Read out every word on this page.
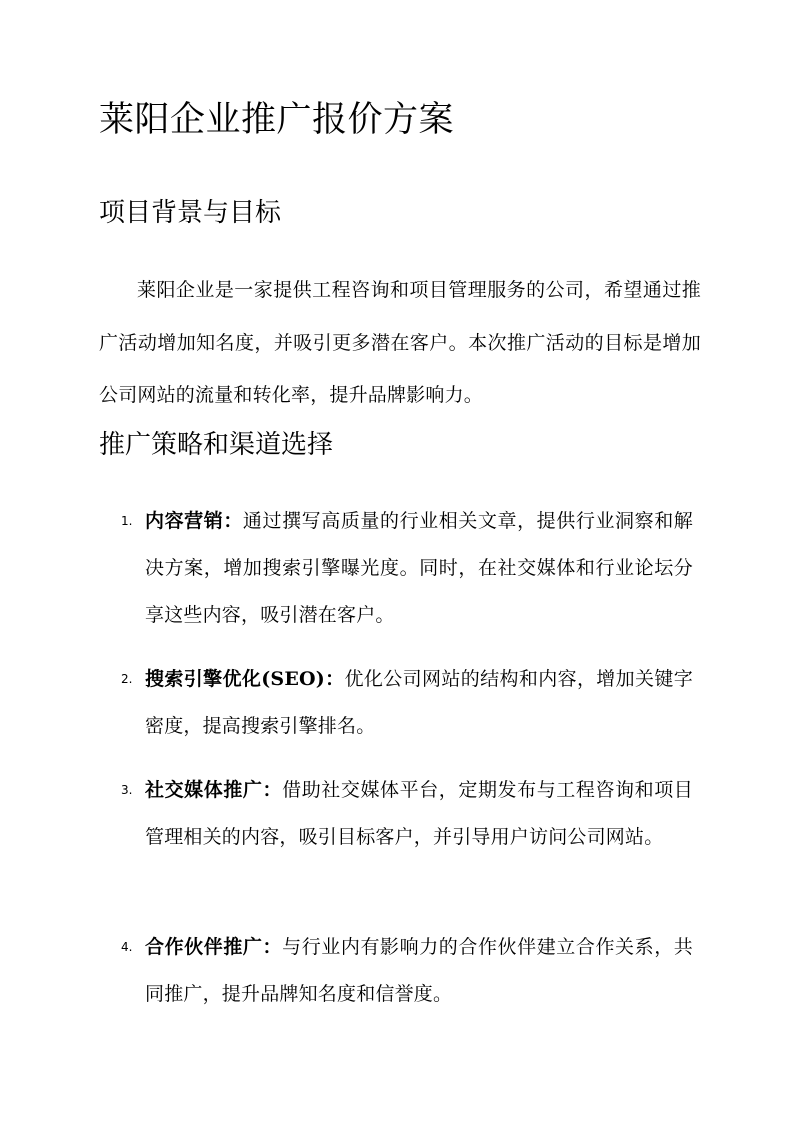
莱阳企业推广报价方案
项目背景与目标

莱阳企业是一家提供工程咨询和项目管理服务的公司，希望通过推广活动增加知名度，并吸引更多潜在客户。本次推广活动的目标是增加公司网站的流量和转化率，提升品牌影响力。

推广策略和渠道选择
1. 内容营销：通过撰写高质量的行业相关文章，提供行业洞察和解决方案，增加搜索引擎曝光度。同时，在社交媒体和行业论坛分享这些内容，吸引潜在客户。
2. 搜索引擎优化(SEO)：优化公司网站的结构和内容，增加关键字密度，提高搜索引擎排名。
3. 社交媒体推广：借助社交媒体平台，定期发布与工程咨询和项目管理相关的内容，吸引目标客户，并引导用户访问公司网站。
4. 合作伙伴推广：与行业内有影响力的合作伙伴建立合作关系，共同推广，提升品牌知名度和信誉度。
